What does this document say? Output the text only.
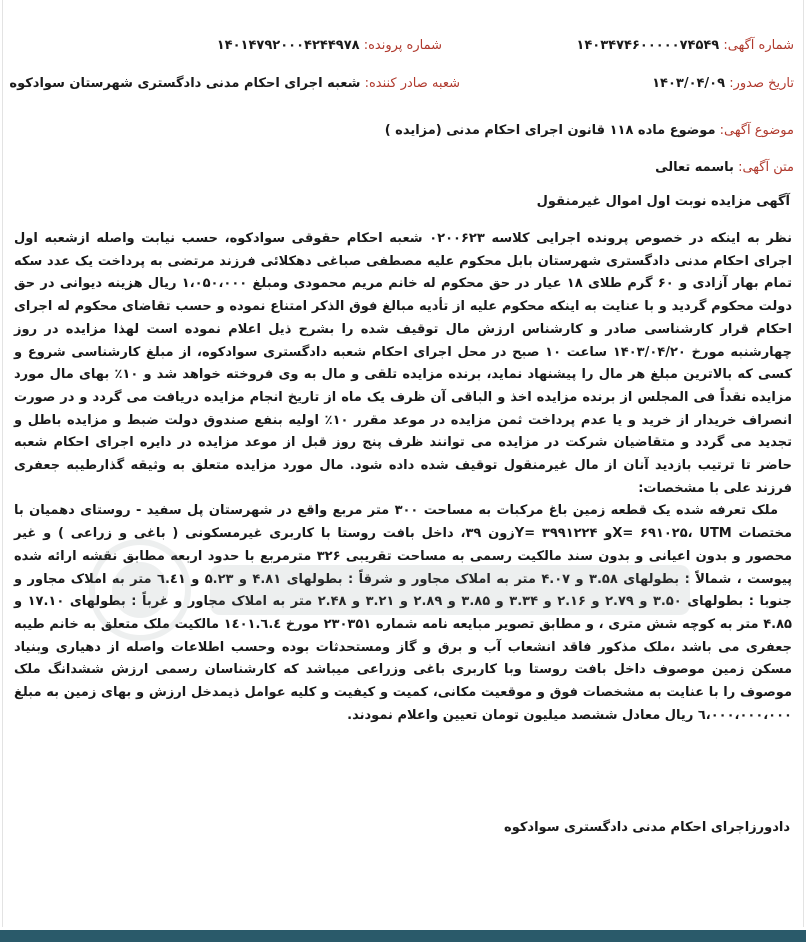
شماره آگهی: ۱۴۰۳۴۷۴۶۰۰۰۰۰۷۴۵۴۹
شماره پرونده: ۱۴۰۱۴۷۹۲۰۰۰۴۲۴۴۹۷۸
تاریخ صدور: ۱۴۰۳/۰۴/۰۹
شعبه صادر کننده: شعبه اجرای احکام مدنی دادگستری شهرستان سوادکوه
موضوع آگهی: موضوع ماده ۱۱۸ قانون اجرای احکام مدنی (مزایده )
متن آگهی: باسمه تعالی
آگهی مزایده نوبت اول اموال غیرمنقول

نظر به اینکه در خصوص پرونده اجرایی کلاسه ۰۲۰۰۶۲۳ شعبه احکام حقوقی سوادکوه، حسب نیابت واصله ازشعبه اول اجرای احکام مدنی دادگستری شهرستان بابل محکوم علیه مصطفی صباغی دهکلائی فرزند مرتضی به پرداخت یک عدد سکه تمام بهار آزادی و ۶۰ گرم طلای ۱۸ عیار در حق محکوم له خانم مریم محمودی ومبلغ ۱،۰۵۰،۰۰۰ ریال هزینه دیوانی در حق دولت محکوم گردید و با عنایت به اینکه محکوم علیه از تأدیه مبالغ فوق الذکر امتناع نموده و حسب تقاضای محکوم له اجرای احکام قرار کارشناسی صادر و کارشناس ارزش مال توقیف شده را بشرح ذیل اعلام نموده است لهذا مزایده در روز چهارشنبه مورخ ۱۴۰۳/۰۴/۲۰ ساعت ۱۰ صبح در محل اجرای احکام شعبه دادگستری سوادکوه، از مبلغ کارشناسی شروع و کسی که بالاترین مبلغ هر مال را پیشنهاد نماید، برنده مزایده تلقی و مال به وی فروخته خواهد شد و ۱۰٪ بهای مال مورد مزایده نقداً فی المجلس از برنده مزایده اخذ و الباقی آن ظرف یک ماه از تاریخ انجام مزایده دریافت می گردد و در صورت انصراف خریدار از خرید و یا عدم پرداخت ثمن مزایده در موعد مقرر ۱۰٪ اولیه بنفع صندوق دولت ضبط و مزایده باطل و تجدید می گردد و متقاضیان شرکت در مزایده می توانند ظرف پنج روز قبل از موعد مزایده در دایره اجرای احکام شعبه حاضر تا ترتیب بازدید آنان از مال غیرمنقول توقیف شده داده شود. مال مورد مزایده متعلق به وثیقه گذارطیبه جعفری فرزند علی با مشخصات:

ملک تعرفه شده یک قطعه زمین باغ مرکبات به مساحت ۳۰۰ متر مربع واقع در شهرستان پل سفید - روستای دهمیان با مختصات X= ۶۹۱۰۲۵، UTMو Y= ۳۹۹۱۲۲۴زون ۳۹، داخل بافت روستا با کاربری غیرمسکونی ( باغی و زراعی ) و غیر محصور و بدون اعیانی و بدون سند مالکیت رسمی به مساحت تقریبی ۳۲۶ مترمربع با حدود اربعه مطابق نقشه ارائه شده پیوست ، شمالاً : بطولهای ۳.۵۸ و ۴.۰۷ متر به املاک مجاور و شرقاً : بطولهای ۴.۸۱ و ۵.۲۳ و ٦.٤١ متر به املاک مجاور و جنوبا : بطولهای ۳.۵۰ و ۲.۷۹ و ۲.۱۶ و ۳.۳۴ و ۳.۸۵ و ۲.۸۹ و ۳.۲۱ و ۲.۴۸ متر به املاک مجاور و غرباً : بطولهای ۱۷.۱۰ و ۴.۸۵ متر به کوچه شش متری ، و مطابق تصویر مبایعه نامه شماره ۲۳۰۳۵۱ مورخ ١٤٠١.٦.٤ مالکیت ملک متعلق به خانم طیبه جعفری می باشد ،ملک مذکور فاقد انشعاب آب و برق و گاز ومستحدثات بوده وحسب اطلاعات واصله از دهیاری وبنیاد مسکن زمین موصوف داخل بافت روستا وبا کاربری باغی وزراعی میباشد که کارشناسان رسمی ارزش ششدانگ ملک موصوف را با عنایت به مشخصات فوق و موقعیت مکانی، کمیت و کیفیت و کلیه عوامل ذیمدخل ارزش و بهای زمین به مبلغ ٦،۰۰۰،۰۰۰،۰۰۰ ریال معادل ششصد میلیون تومان تعیین واعلام نمودند.

دادورزاجرای احکام مدنی دادگستری سوادکوه
